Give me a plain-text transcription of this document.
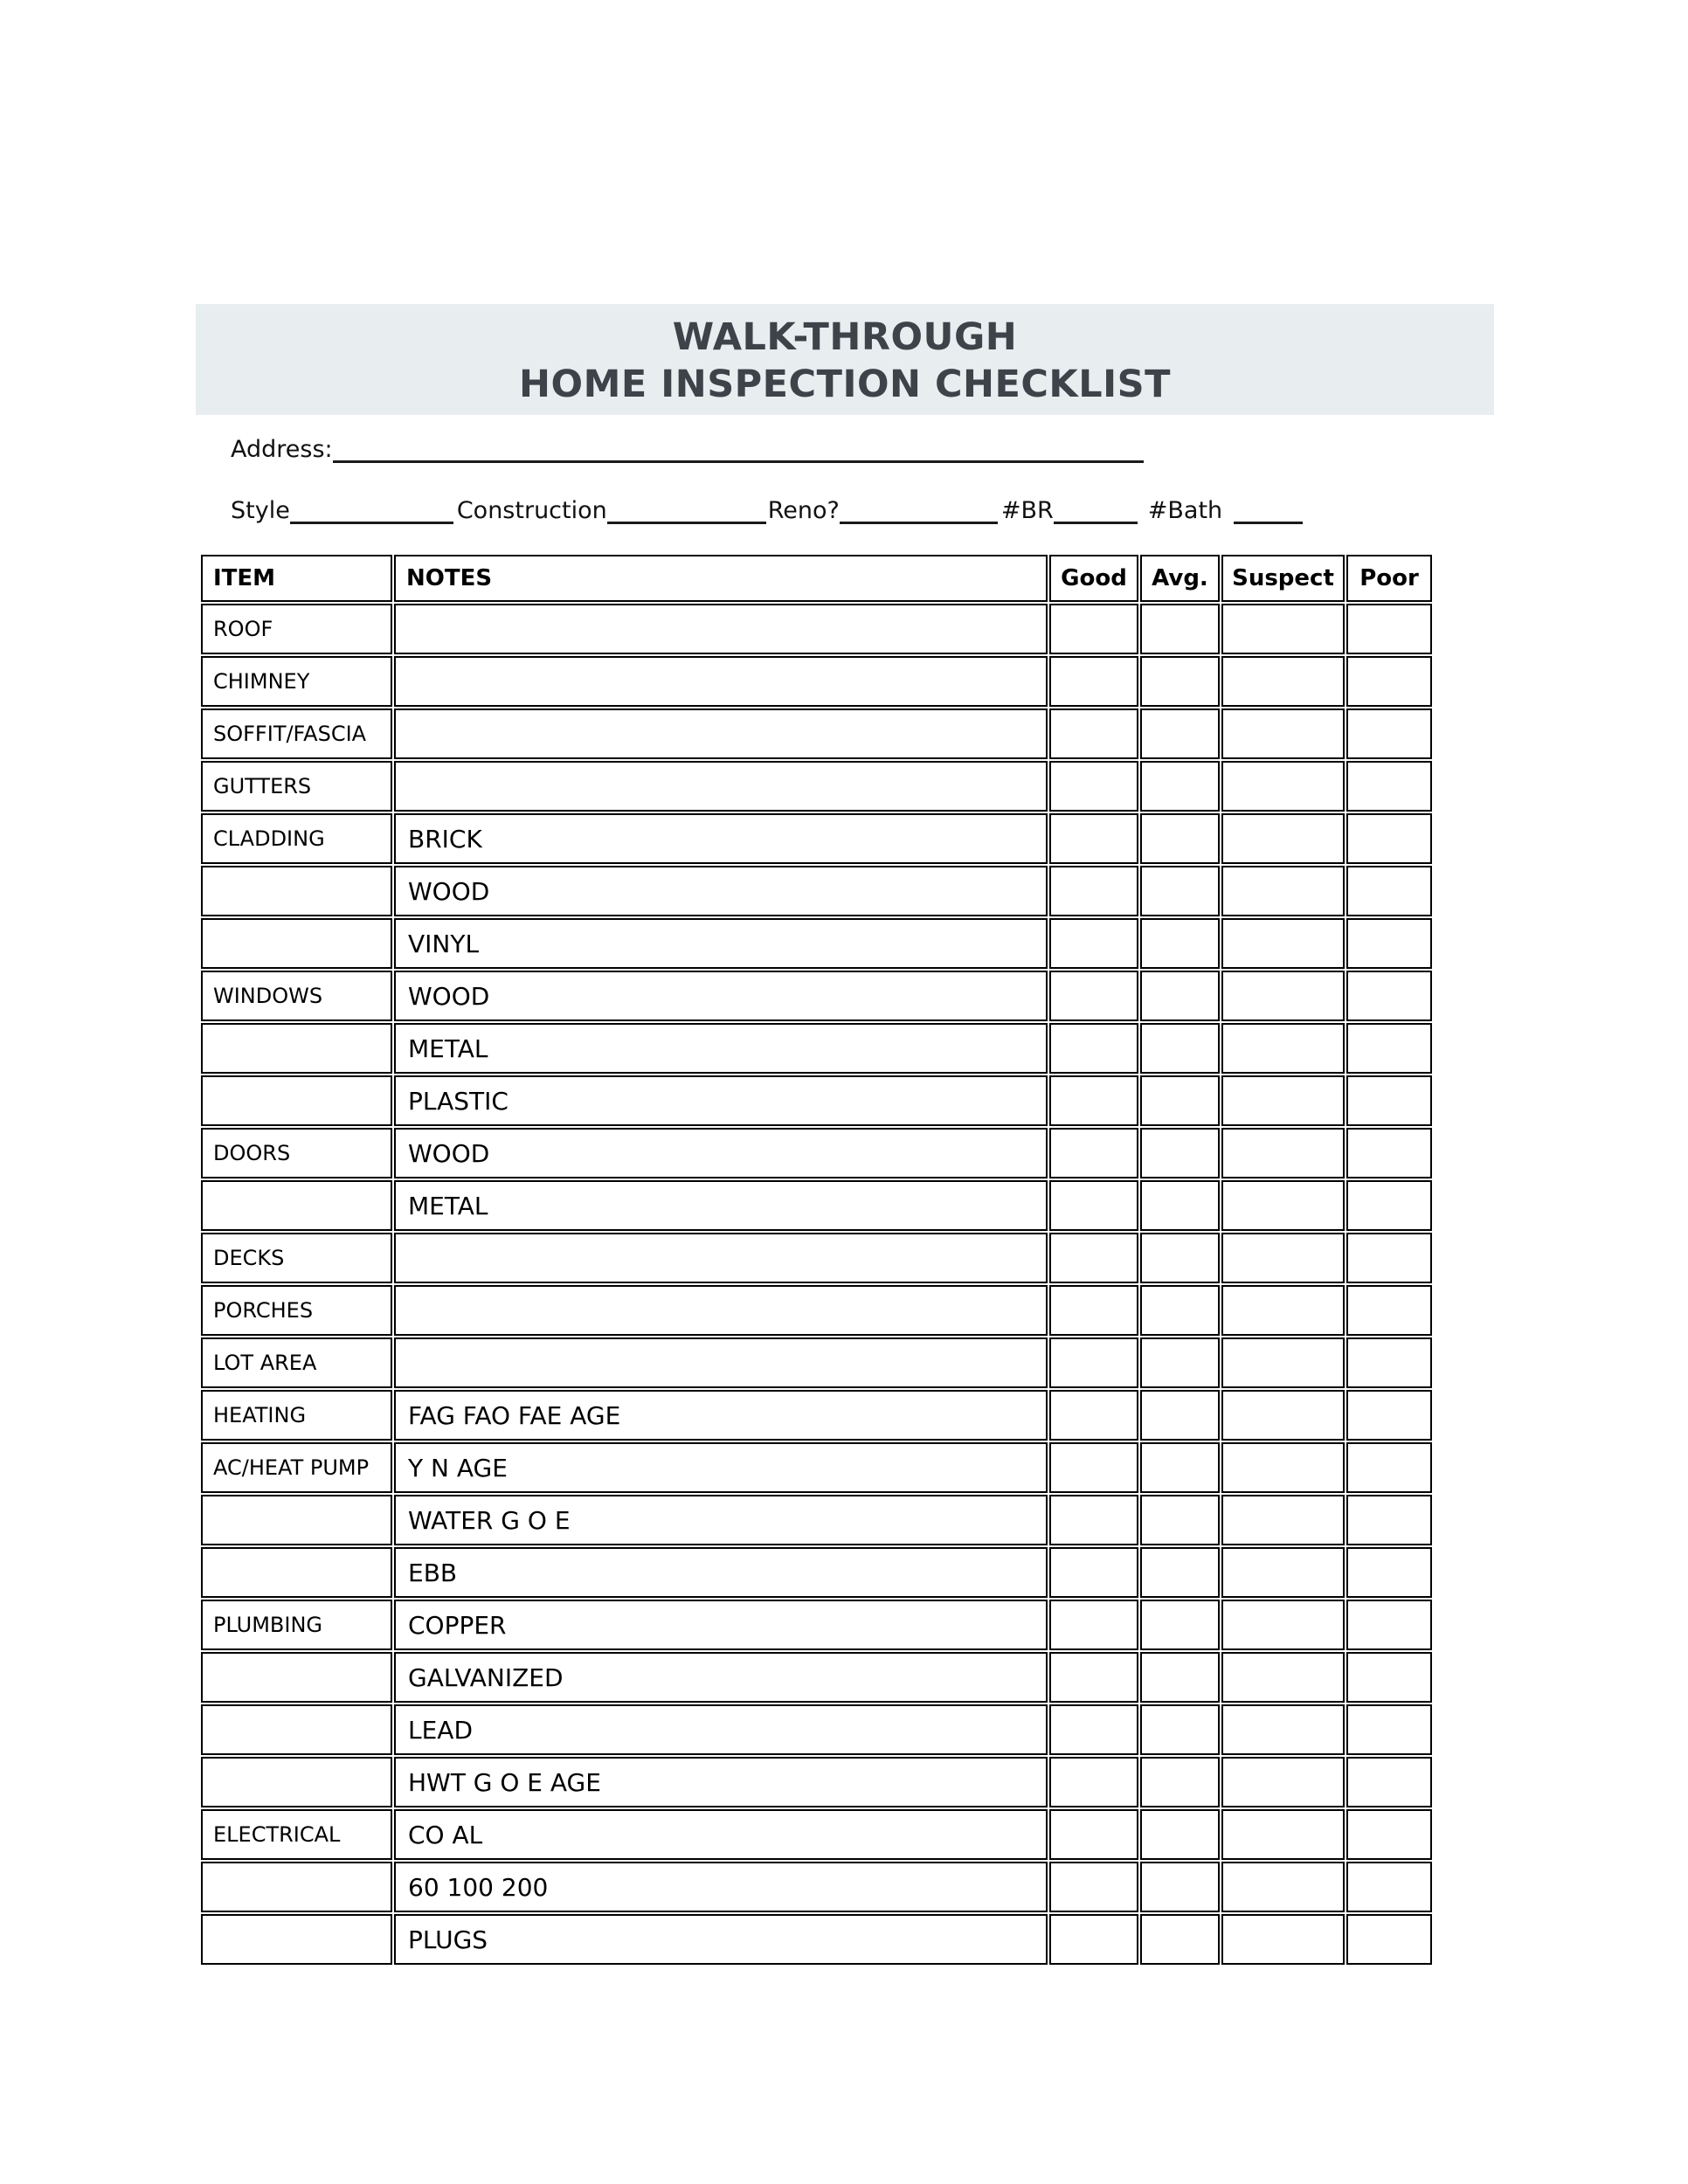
WALK-THROUGH
HOME INSPECTION CHECKLIST
Address:
Style	Construction	Reno?	#BR	#Bath
ITEM	NOTES	Good	Avg.	Suspect	Poor
ROOF					
CHIMNEY					
SOFFIT/FASCIA					
GUTTERS					
CLADDING	BRICK				
	WOOD				
	VINYL				
WINDOWS	WOOD				
	METAL				
	PLASTIC				
DOORS	WOOD				
	METAL				
DECKS					
PORCHES					
LOT AREA					
HEATING	FAG FAO FAE AGE				
AC/HEAT PUMP	Y N AGE				
	WATER G O E				
	EBB				
PLUMBING	COPPER				
	GALVANIZED				
	LEAD				
	HWT G O E AGE				
ELECTRICAL	CO AL				
	60 100 200				
	PLUGS				
